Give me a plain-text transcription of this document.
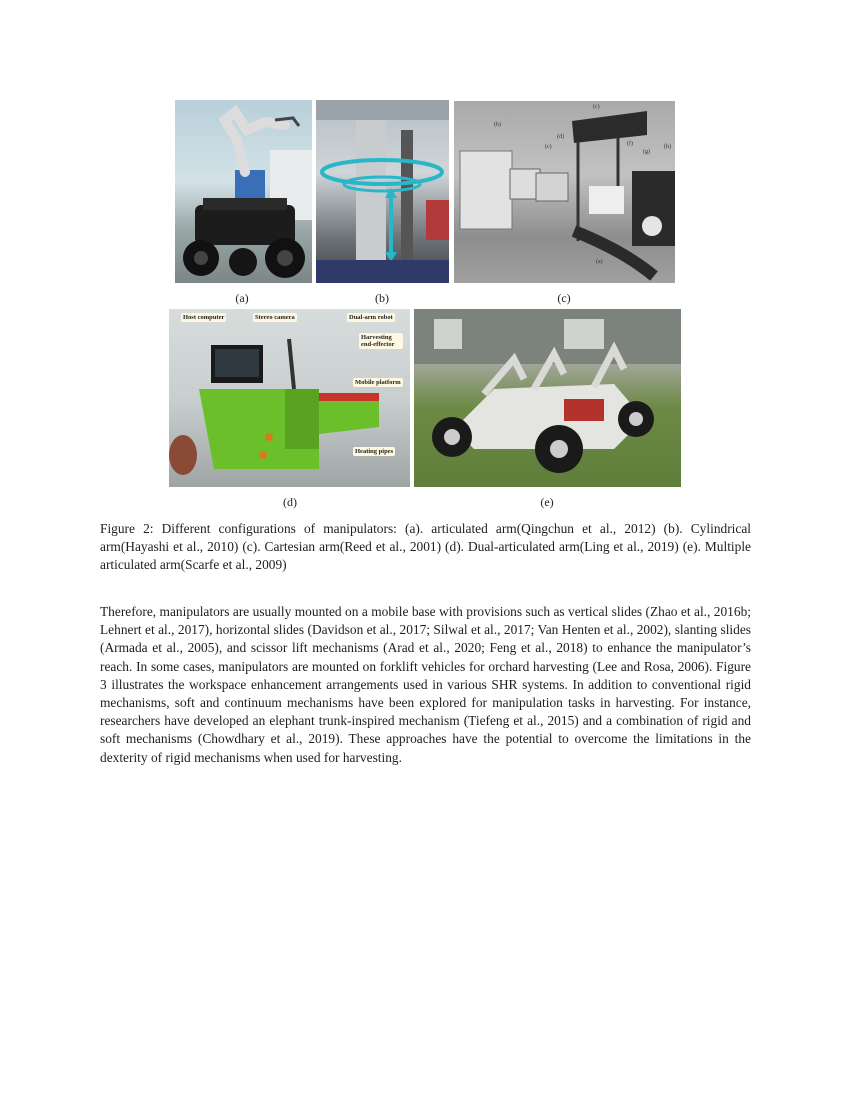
(a)	(b)
(c)
(b)
(d)
(c)	(f)
(g)
(h)
(a)
(c)
Host computer	Stereo camera	Dual-arm robot
Harvesting end-effector
Mobile platform
Heating pipes
(d)	(e)
Figure 2: Different configurations of manipulators: (a). articulated arm(Qingchun et al., 2012) (b). Cylindrical arm(Hayashi et al., 2010) (c). Cartesian arm(Reed et al., 2001) (d). Dual-articulated arm(Ling et al., 2019) (e). Multiple articulated arm(Scarfe et al., 2009)
Therefore, manipulators are usually mounted on a mobile base with provisions such as vertical slides (Zhao et al., 2016b; Lehnert et al., 2017), horizontal slides (Davidson et al., 2017; Silwal et al., 2017; Van Henten et al., 2002), slanting slides (Armada et al., 2005), and scissor lift mechanisms (Arad et al., 2020; Feng et al., 2018) to enhance the manipulator’s reach. In some cases, manipulators are mounted on forklift vehicles for orchard harvesting (Lee and Rosa, 2006). Figure 3 illustrates the workspace enhancement arrangements used in various SHR systems. In addition to conventional rigid mechanisms, soft and continuum mechanisms have been explored for manipulation tasks in harvesting. For instance, researchers have developed an elephant trunk-inspired mechanism (Tiefeng et al., 2015) and a combination of rigid and soft mechanisms (Chowdhary et al., 2019). These approaches have the potential to overcome the limitations in the dexterity of rigid mechanisms when used for harvesting.
